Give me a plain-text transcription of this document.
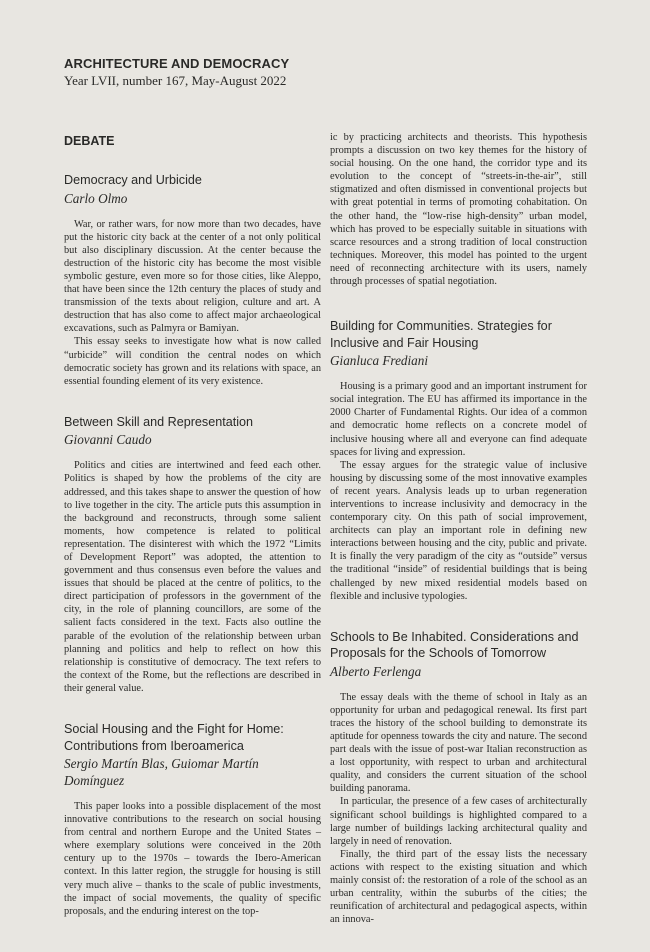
ARCHITECTURE AND DEMOCRACY

Year LVII, number 167, May-August 2022

DEBATE
Democracy and Urbicide
Carlo Olmo

War, or rather wars, for now more than two decades, have put the historic city back at the center of a not only political but also disciplinary discussion. At the center because the destruction of the historic city has become the most visible symbolic gesture, even more so for those cities, like Aleppo, that have been since the 12th century the places of study and transmission of the texts about religion, culture and art. A destruction that has also come to affect major archaeological excavations, such as Palmyra or Bamiyan.

This essay seeks to investigate how what is now called “urbicide” will condition the central nodes on which democratic society has grown and its relations with space, an essential founding element of its very existence.

Between Skill and Representation
Giovanni Caudo

Politics and cities are intertwined and feed each other. Politics is shaped by how the problems of the city are addressed, and this takes shape to answer the question of how to live together in the city. The article puts this assumption in the background and reconstructs, through some salient moments, how competence is related to political representation. The disinterest with which the 1972 “Limits of Development Report” was adopted, the attention to government and thus consensus even before the values and issues that should be placed at the centre of politics, to the direct participation of professors in the government of the city, in the role of planning councillors, are some of the salient facts considered in the text. Facts also outline the parable of the evolution of the relationship between urban planning and politics and help to reflect on how this relationship is constitutive of democracy. The text refers to the context of the Rome, but the reflections are described in their general value.

Social Housing and the Fight for Home: Contributions from Iberoamerica
Sergio Martín Blas, Guiomar Martín Domínguez

This paper looks into a possible displacement of the most innovative contributions to the research on social housing from central and northern Europe and the United States – where exemplary solutions were conceived in the 20th century up to the 1970s – towards the Ibero-American context. In this latter region, the struggle for housing is still very much alive – thanks to the scale of public investments, the impact of social movements, the quality of specific proposals, and the enduring interest on the top-

ic by practicing architects and theorists. This hypothesis prompts a discussion on two key themes for the history of social housing. On the one hand, the corridor type and its evolution to the concept of “streets-in-the-air”, still stigmatized and often dismissed in conventional projects but with great potential in terms of promoting cohabitation. On the other hand, the “low-rise high-density” urban model, which has proved to be especially suitable in situations with scarce resources and a strong tradition of local construction techniques. Moreover, this model has pointed to the urgent need of reconnecting architecture with its users, namely through processes of spatial negotiation.

Building for Communities. Strategies for Inclusive and Fair Housing
Gianluca Frediani

Housing is a primary good and an important instrument for social integration. The EU has affirmed its importance in the 2000 Charter of Fundamental Rights. Our idea of a common and democratic home reflects on a concrete model of inclusive housing where all and everyone can find adequate spaces for living and expression.

The essay argues for the strategic value of inclusive housing by discussing some of the most innovative examples of recent years. Analysis leads up to urban regeneration interventions to increase inclusivity and democracy in the contemporary city. On this path of social improvement, architects can play an important role in defining new interactions between housing and the city, public and private. It is finally the very paradigm of the city as “outside” versus the traditional “inside” of residential buildings that is being challenged by new mixed residential models based on flexible and inclusive typologies.

Schools to Be Inhabited. Considerations and Proposals for the Schools of Tomorrow
Alberto Ferlenga

The essay deals with the theme of school in Italy as an opportunity for urban and pedagogical renewal. Its first part traces the history of the school building to demonstrate its aptitude for openness towards the city and nature. The second part deals with the issue of post-war Italian reconstruction as a lost opportunity, with respect to urban and architectural quality, and considers the current situation of the school building panorama.

In particular, the presence of a few cases of architecturally significant school buildings is highlighted compared to a large number of buildings lacking architectural quality and largely in need of renovation.

Finally, the third part of the essay lists the necessary actions with respect to the existing situation and which mainly consist of: the restoration of a role of the school as an urban centrality, within the suburbs of the cities; the reunification of architectural and pedagogical aspects, within an innova-
